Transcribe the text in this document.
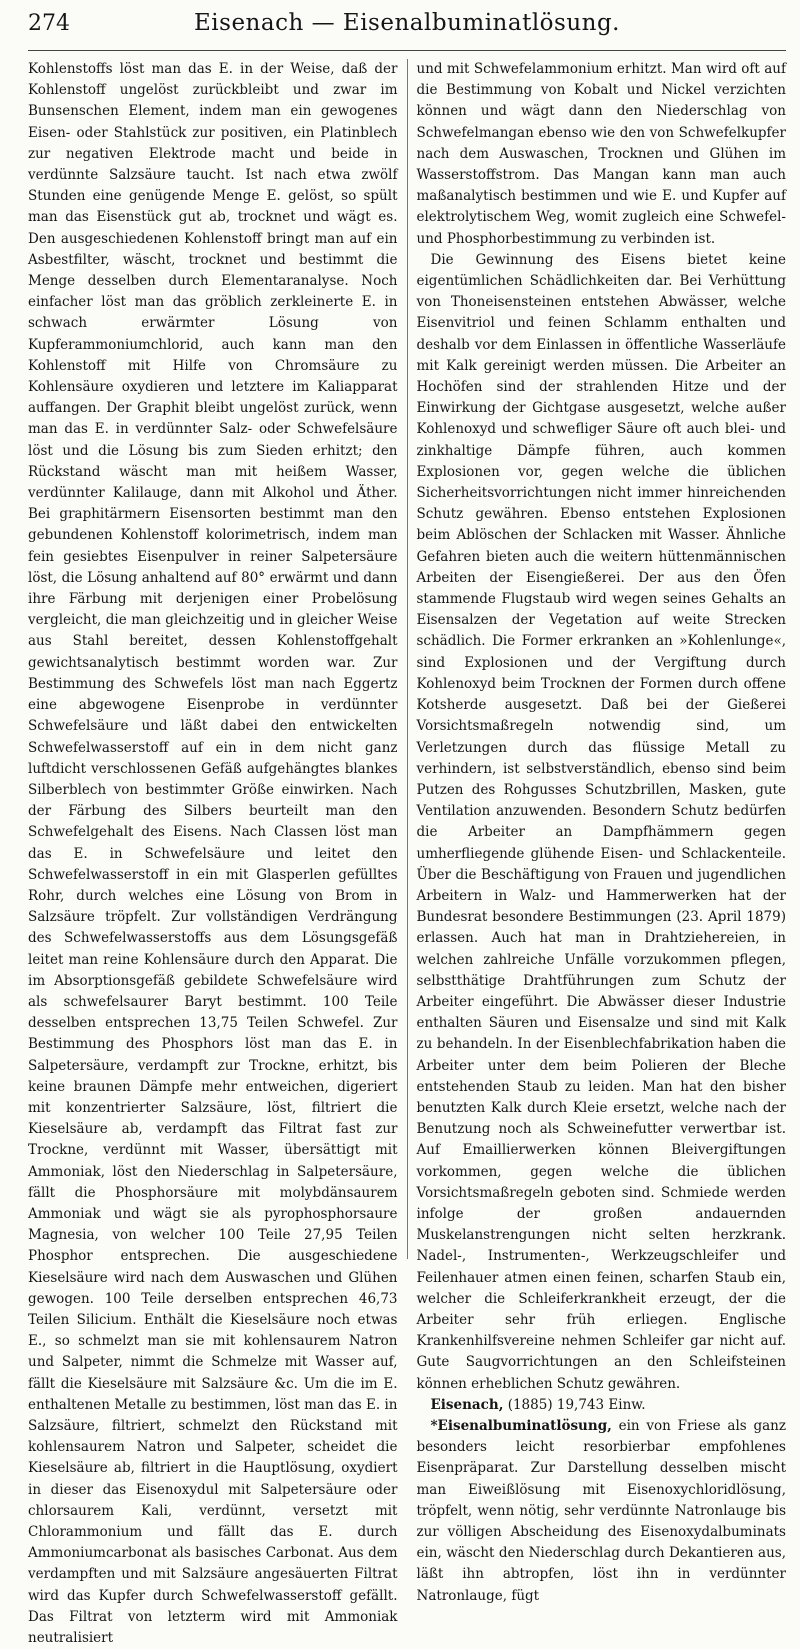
274	Eisenach — Eisenalbuminatlösung.

Kohlenstoffs löst man das E. in der Weise, daß der Kohlenstoff ungelöst zurückbleibt und zwar im Bunsenschen Element, indem man ein gewogenes Eisen- oder Stahlstück zur positiven, ein Platinblech zur negativen Elektrode macht und beide in verdünnte Salzsäure taucht. Ist nach etwa zwölf Stunden eine genügende Menge E. gelöst, so spült man das Eisenstück gut ab, trocknet und wägt es. Den ausgeschiedenen Kohlenstoff bringt man auf ein Asbestfilter, wäscht, trocknet und bestimmt die Menge desselben durch Elementaranalyse. Noch einfacher löst man das gröblich zerkleinerte E. in schwach erwärmter Lösung von Kupferammoniumchlorid, auch kann man den Kohlenstoff mit Hilfe von Chromsäure zu Kohlensäure oxydieren und letztere im Kaliapparat auffangen. Der Graphit bleibt ungelöst zurück, wenn man das E. in verdünnter Salz- oder Schwefelsäure löst und die Lösung bis zum Sieden erhitzt; den Rückstand wäscht man mit heißem Wasser, verdünnter Kalilauge, dann mit Alkohol und Äther. Bei graphitärmern Eisensorten bestimmt man den gebundenen Kohlenstoff kolorimetrisch, indem man fein gesiebtes Eisenpulver in reiner Salpetersäure löst, die Lösung anhaltend auf 80° erwärmt und dann ihre Färbung mit derjenigen einer Probelösung vergleicht, die man gleichzeitig und in gleicher Weise aus Stahl bereitet, dessen Kohlenstoffgehalt gewichtsanalytisch bestimmt worden war. Zur Bestimmung des Schwefels löst man nach Eggertz eine abgewogene Eisenprobe in verdünnter Schwefelsäure und läßt dabei den entwickelten Schwefelwasserstoff auf ein in dem nicht ganz luftdicht verschlossenen Gefäß aufgehängtes blankes Silberblech von bestimmter Größe einwirken. Nach der Färbung des Silbers beurteilt man den Schwefelgehalt des Eisens. Nach Classen löst man das E. in Schwefelsäure und leitet den Schwefelwasserstoff in ein mit Glasperlen gefülltes Rohr, durch welches eine Lösung von Brom in Salzsäure tröpfelt. Zur vollständigen Verdrängung des Schwefelwasserstoffs aus dem Lösungsgefäß leitet man reine Kohlensäure durch den Apparat. Die im Absorptionsgefäß gebildete Schwefelsäure wird als schwefelsaurer Baryt bestimmt. 100 Teile desselben entsprechen 13,75 Teilen Schwefel. Zur Bestimmung des Phosphors löst man das E. in Salpetersäure, verdampft zur Trockne, erhitzt, bis keine braunen Dämpfe mehr entweichen, digeriert mit konzentrierter Salzsäure, löst, filtriert die Kieselsäure ab, verdampft das Filtrat fast zur Trockne, verdünnt mit Wasser, übersättigt mit Ammoniak, löst den Niederschlag in Salpetersäure, fällt die Phosphorsäure mit molybdänsaurem Ammoniak und wägt sie als pyrophosphorsaure Magnesia, von welcher 100 Teile 27,95 Teilen Phosphor entsprechen. Die ausgeschiedene Kieselsäure wird nach dem Auswaschen und Glühen gewogen. 100 Teile derselben entsprechen 46,73 Teilen Silicium. Enthält die Kieselsäure noch etwas E., so schmelzt man sie mit kohlensaurem Natron und Salpeter, nimmt die Schmelze mit Wasser auf, fällt die Kieselsäure mit Salzsäure &c. Um die im E. enthaltenen Metalle zu bestimmen, löst man das E. in Salzsäure, filtriert, schmelzt den Rückstand mit kohlensaurem Natron und Salpeter, scheidet die Kieselsäure ab, filtriert in die Hauptlösung, oxydiert in dieser das Eisenoxydul mit Salpetersäure oder chlorsaurem Kali, verdünnt, versetzt mit Chlorammonium und fällt das E. durch Ammoniumcarbonat als basisches Carbonat. Aus dem verdampften und mit Salzsäure angesäuerten Filtrat wird das Kupfer durch Schwefelwasserstoff gefällt. Das Filtrat von letzterm wird mit Ammoniak neutralisiert

und mit Schwefelammonium erhitzt. Man wird oft auf die Bestimmung von Kobalt und Nickel verzichten können und wägt dann den Niederschlag von Schwefelmangan ebenso wie den von Schwefelkupfer nach dem Auswaschen, Trocknen und Glühen im Wasserstoffstrom. Das Mangan kann man auch maßanalytisch bestimmen und wie E. und Kupfer auf elektrolytischem Weg, womit zugleich eine Schwefel- und Phosphorbestimmung zu verbinden ist.

Die Gewinnung des Eisens bietet keine eigentümlichen Schädlichkeiten dar. Bei Verhüttung von Thoneisensteinen entstehen Abwässer, welche Eisenvitriol und feinen Schlamm enthalten und deshalb vor dem Einlassen in öffentliche Wasserläufe mit Kalk gereinigt werden müssen. Die Arbeiter an Hochöfen sind der strahlenden Hitze und der Einwirkung der Gichtgase ausgesetzt, welche außer Kohlenoxyd und schwefliger Säure oft auch blei- und zinkhaltige Dämpfe führen, auch kommen Explosionen vor, gegen welche die üblichen Sicherheitsvorrichtungen nicht immer hinreichenden Schutz gewähren. Ebenso entstehen Explosionen beim Ablöschen der Schlacken mit Wasser. Ähnliche Gefahren bieten auch die weitern hüttenmännischen Arbeiten der Eisengießerei. Der aus den Öfen stammende Flugstaub wird wegen seines Gehalts an Eisensalzen der Vegetation auf weite Strecken schädlich. Die Former erkranken an »Kohlenlunge«, sind Explosionen und der Vergiftung durch Kohlenoxyd beim Trocknen der Formen durch offene Kotsherde ausgesetzt. Daß bei der Gießerei Vorsichtsmaßregeln notwendig sind, um Verletzungen durch das flüssige Metall zu verhindern, ist selbstverständlich, ebenso sind beim Putzen des Rohgusses Schutzbrillen, Masken, gute Ventilation anzuwenden. Besondern Schutz bedürfen die Arbeiter an Dampfhämmern gegen umherfliegende glühende Eisen- und Schlackenteile. Über die Beschäftigung von Frauen und jugendlichen Arbeitern in Walz- und Hammerwerken hat der Bundesrat besondere Bestimmungen (23. April 1879) erlassen. Auch hat man in Drahtziehereien, in welchen zahlreiche Unfälle vorzukommen pflegen, selbstthätige Drahtführungen zum Schutz der Arbeiter eingeführt. Die Abwässer dieser Industrie enthalten Säuren und Eisensalze und sind mit Kalk zu behandeln. In der Eisenblechfabrikation haben die Arbeiter unter dem beim Polieren der Bleche entstehenden Staub zu leiden. Man hat den bisher benutzten Kalk durch Kleie ersetzt, welche nach der Benutzung noch als Schweinefutter verwertbar ist. Auf Emaillierwerken können Bleivergiftungen vorkommen, gegen welche die üblichen Vorsichtsmaßregeln geboten sind. Schmiede werden infolge der großen andauernden Muskelanstrengungen nicht selten herzkrank. Nadel-, Instrumenten-, Werkzeugschleifer und Feilenhauer atmen einen feinen, scharfen Staub ein, welcher die Schleiferkrankheit erzeugt, der die Arbeiter sehr früh erliegen. Englische Krankenhilfsvereine nehmen Schleifer gar nicht auf. Gute Saugvorrichtungen an den Schleifsteinen können erheblichen Schutz gewähren.

Eisenach, (1885) 19,743 Einw.

*Eisenalbuminatlösung, ein von Friese als ganz besonders leicht resorbierbar empfohlenes Eisenpräparat. Zur Darstellung desselben mischt man Eiweißlösung mit Eisenoxychloridlösung, tröpfelt, wenn nötig, sehr verdünnte Natronlauge bis zur völligen Abscheidung des Eisenoxydalbuminats ein, wäscht den Niederschlag durch Dekantieren aus, läßt ihn abtropfen, löst ihn in verdünnter Natronlauge, fügt
